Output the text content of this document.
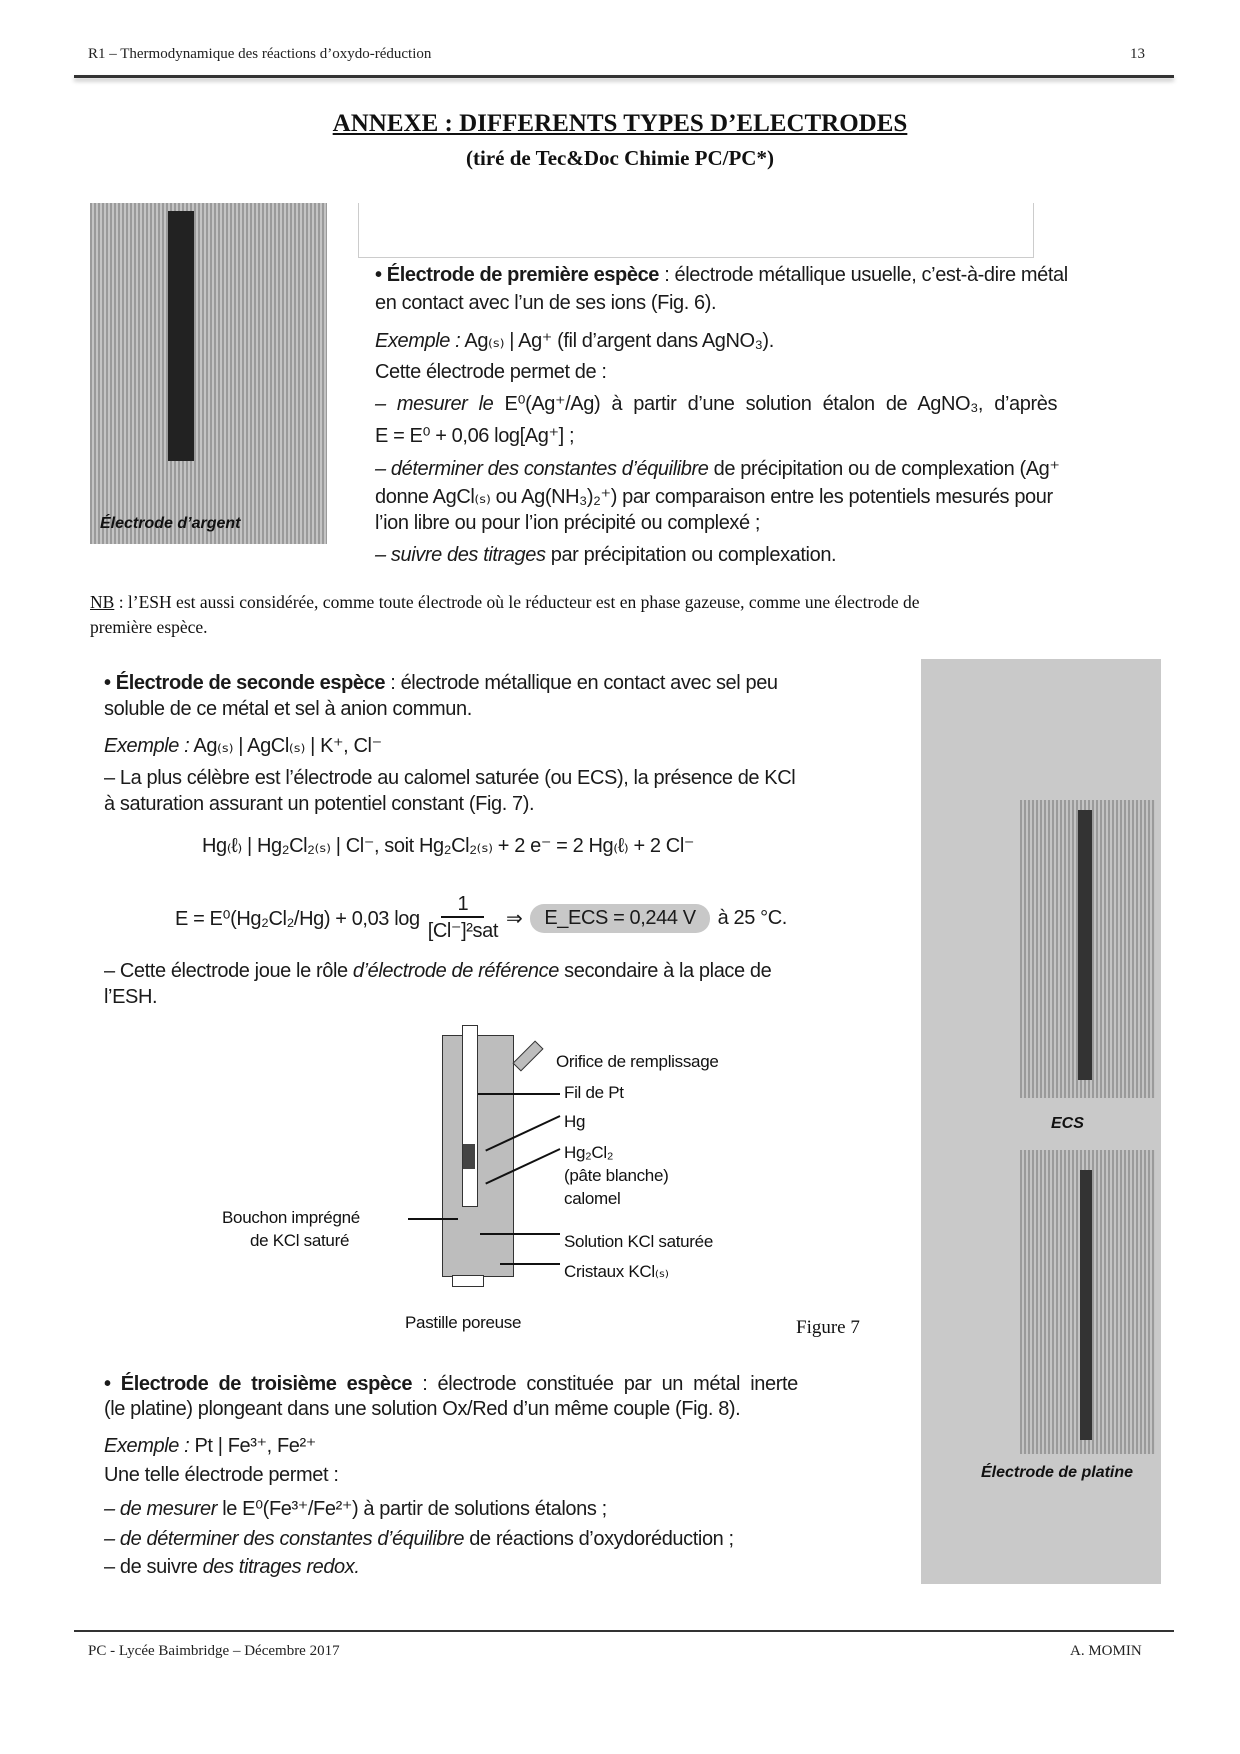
R1 – Thermodynamique des réactions d’oxydo-réduction	13
ANNEXE : DIFFERENTS TYPES D’ELECTRODES
(tiré de Tec&Doc Chimie PC/PC*)
Électrode d’argent
• Électrode de première espèce : électrode métallique usuelle, c’est-à-dire métal
en contact avec l’un de ses ions (Fig. 6).
Exemple : Ag₍ₛ₎ | Ag⁺ (fil d’argent dans AgNO₃).
Cette électrode permet de :
– mesurer le E⁰(Ag⁺/Ag) à partir d’une solution étalon de AgNO₃, d’après
E = E⁰ + 0,06 log[Ag⁺] ;
– déterminer des constantes d’équilibre de précipitation ou de complexation (Ag⁺
donne AgCl₍ₛ₎ ou Ag(NH₃)₂⁺) par comparaison entre les potentiels mesurés pour
l’ion libre ou pour l’ion précipité ou complexé ;
– suivre des titrages par précipitation ou complexation.
NB : l’ESH est aussi considérée, comme toute électrode où le réducteur est en phase gazeuse, comme une électrode de
première espèce.
• Électrode de seconde espèce : électrode métallique en contact avec sel peu
soluble de ce métal et sel à anion commun.
Exemple : Ag₍ₛ₎ | AgCl₍ₛ₎ | K⁺, Cl⁻
– La plus célèbre est l’électrode au calomel saturée (ou ECS), la présence de KCl
à saturation assurant un potentiel constant (Fig. 7).
Hg₍ℓ₎ | Hg₂Cl₂₍ₛ₎ | Cl⁻, soit Hg₂Cl₂₍ₛ₎ + 2 e⁻ = 2 Hg₍ℓ₎ + 2 Cl⁻
E = E⁰(Hg₂Cl₂/Hg) + 0,03 log
1
[Cl⁻]²sat
⇒	E_ECS = 0,244 V	à 25 °C.
– Cette électrode joue le rôle d’électrode de référence secondaire à la place de
l’ESH.
Orifice de remplissage
Fil de Pt
Hg
Hg₂Cl₂
(pâte blanche)
calomel
Bouchon imprégné
de KCl saturé	Solution KCl saturée
Cristaux KCl₍ₛ₎
Pastille poreuse	Figure 7
• Électrode de troisième espèce : électrode constituée par un métal inerte
(le platine) plongeant dans une solution Ox/Red d’un même couple (Fig. 8).
Exemple : Pt | Fe³⁺, Fe²⁺
Une telle électrode permet :
– de mesurer le E⁰(Fe³⁺/Fe²⁺) à partir de solutions étalons ;
– de déterminer des constantes d’équilibre de réactions d’oxydoréduction ;
– de suivre des titrages redox.
ECS
Électrode de platine
PC - Lycée Baimbridge – Décembre 2017	A. MOMIN
